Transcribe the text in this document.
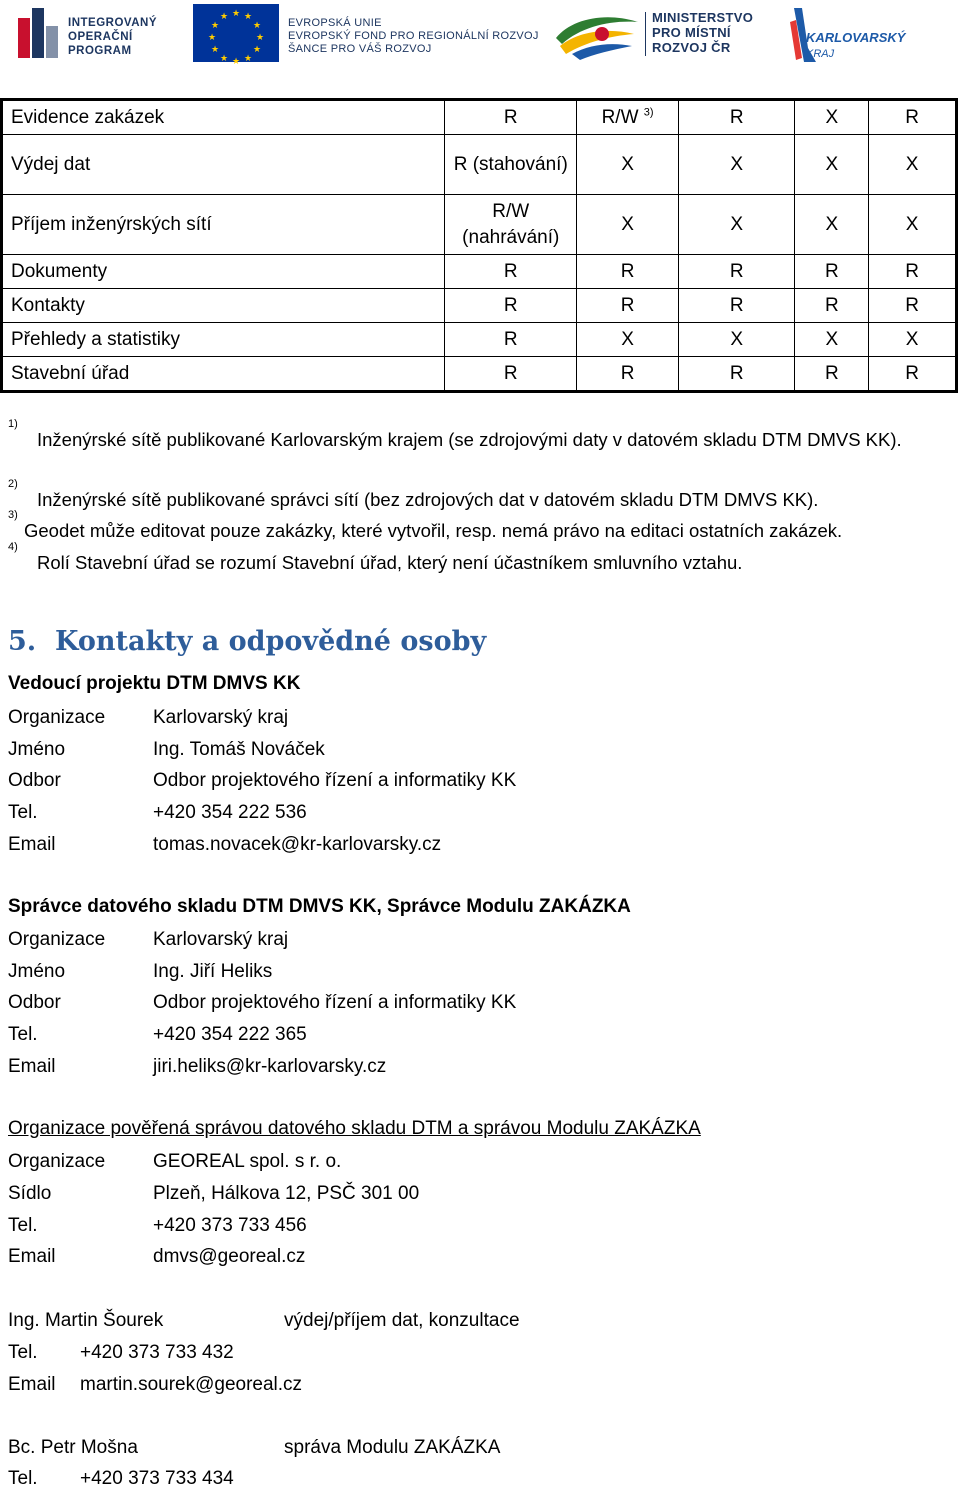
INTEGROVANÝ
OPERAČNÍ
PROGRAM
★ ★
★
★
★
★
★
★
★
★
★
★
EVROPSKÁ UNIE
EVROPSKÝ FOND PRO REGIONÁLNÍ ROZVOJ
ŠANCE PRO VÁŠ ROZVOJ
MINISTERSTVO
PRO MÍSTNÍ
ROZVOJ ČR
KARLOVARSKÝ
KRAJ
Evidence zakázek	R	R/W $^{3)}$	R	X	R
Výdej dat	R (stahování)	X	X	X	X
Příjem inženýrských sítí	R/W (nahrávání)	X	X	X	X
Dokumenty	R	R	R	R	R
Kontakty	R	R	R	R	R
Přehledy a statistiky	R	X	X	X	X
Stavební úřad	R	R	R	R	R
1)
Inženýrské sítě publikované Karlovarským krajem (se zdrojovými daty v datovém skladu DTM DMVS KK).
2)
Inženýrské sítě publikované správci sítí (bez zdrojových dat v datovém skladu DTM DMVS KK).
3)
Geodet může editovat pouze zakázky, které vytvořil, resp. nemá právo na editaci ostatních zakázek.
4)
Rolí Stavební úřad se rozumí Stavební úřad, který není účastníkem smluvního vztahu.
5. Kontakty a odpovědné osoby
Vedoucí projektu DTM DMVS KK
Organizace	Karlovarský kraj
Jméno	Ing. Tomáš Nováček
Odbor	Odbor projektového řízení a informatiky KK
Tel.	+420 354 222 536
Email	tomas.novacek@kr-karlovarsky.cz
Správce datového skladu DTM DMVS KK, Správce Modulu ZAKÁZKA
Organizace	Karlovarský kraj
Jméno	Ing. Jiří Heliks
Odbor	Odbor projektového řízení a informatiky KK
Tel.	+420 354 222 365
Email	jiri.heliks@kr-karlovarsky.cz
Organizace pověřená správou datového skladu DTM a správou Modulu ZAKÁZKA
Organizace	GEOREAL spol. s r. o.
Sídlo	Plzeň, Hálkova 12, PSČ 301 00
Tel.	+420 373 733 456
Email	dmvs@georeal.cz
Ing. Martin Šourek	výdej/příjem dat, konzultace
Tel. +420 373 733 432
Email martin.sourek@georeal.cz
Bc. Petr Mošna	správa Modulu ZAKÁZKA
Tel. +420 373 733 434
